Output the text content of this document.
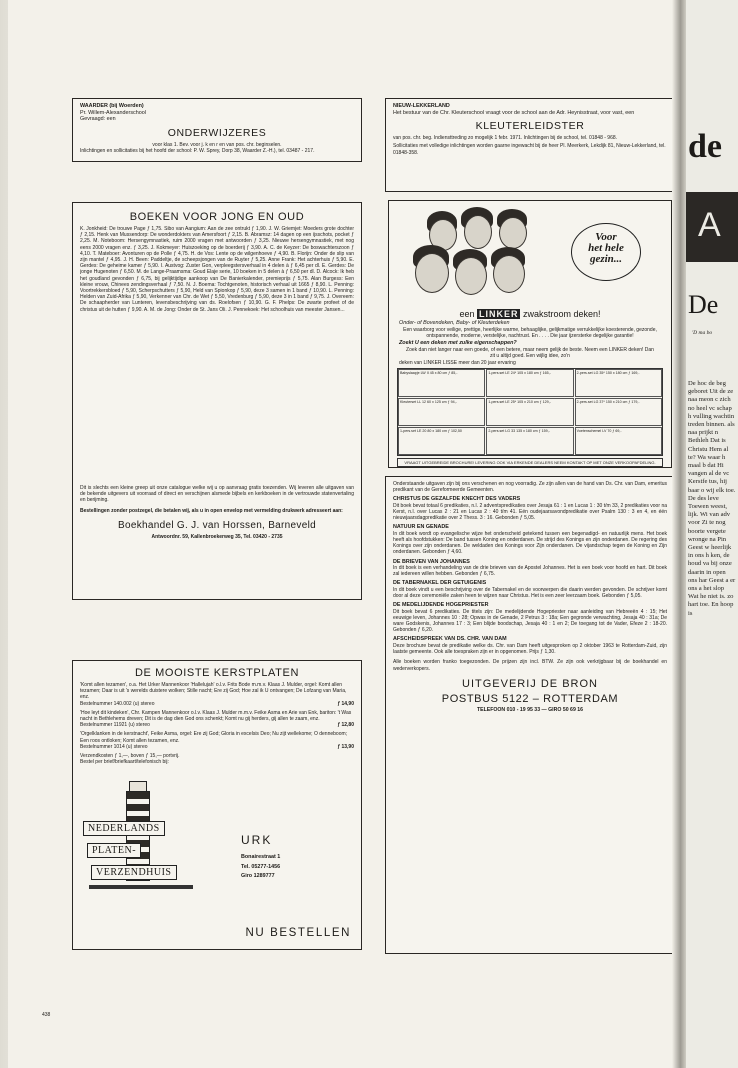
WAARDER (bij Woerden)
Pr. Willem-Alexanderschool
Gevraagd: een
ONDERWIJZERES
voor klas 1. Bev. voor j. k en r en van pos. chr. beginselen.
Inlichtingen en sollicitaties bij het hoofd der school: P. W. Sprey, Dorp 38, Waarder Z.-H.), tel. 03487 - 217.
BOEKEN VOOR JONG EN OUD
K. Jonkheid: De trouwe Page ƒ 1,75. Sibo van Aangium: Aan de zee ontrukt ƒ 1,90. J. W. Griemjet: Moeders grote dochter ƒ 2,15. Henk van Mussendorp: De wonderdokters van Amersfoort ƒ 2,15. B. Abramsz: 14 dagen op een ijsschots, pocket ƒ 2,25. M. Noteboom: Hersengymnastiek, ruim 2000 vragen met antwoorden ƒ 3,25. Nieuwe hersengymnastiek, met nog eens 2000 vragen enz. ƒ 3,25. J. Kokmeyer: Huiszoeking op de boerderij ƒ 3,90. A. C. de Keyzer: De boswachterszoon ƒ 4,10. T. Mateboer: Avonturen op de Polle ƒ 4,75. H. de Vos: Lente op de wilgenhoeve ƒ 4,90. B. Florijn: Onder de slip van zijn mantel ƒ 4,95. J. H. Been: Paddeltje, de scheepsjongen van de Ruyter ƒ 5,25. Anne Frank: Het achterhuis ƒ 5,90. E. Gerdes: De geheime kamer ƒ 5,90. I. Austvog: Zuster Gon, verpleegstersverhaal in 4 delen à ƒ 6,45 per dl. E. Gerdes: De jonge Hugenoten ƒ 6,50. M. de Lange-Praamsma: Goud Elaje serie, 10 boeken in 5 delen à ƒ 6,50 per dl. D. Alcock: Ik heb het goudland gevonden ƒ 6,75, bij gelijktijdige aankoop van De Banierkalender, premieprijs ƒ 5,75. Alan Burgess: Een kleine vrouw, Chinees zendingsverhaal ƒ 7,50. N. J. Boema: Tochtgenoten, historisch verhaal uit 1665 ƒ 8,90. L. Penning: Voortrekkersbloed ƒ 5,90, Scherpschutters ƒ 5,90, Held van Spionkop ƒ 5,90, deze 3 samen in 1 band ƒ 10,90. L. Penning: Helden van Zuid-Afrika ƒ 5,90, Verkenner van Chr. de Wet ƒ 5,50, Vredenburg ƒ 5,90, deze 3 in 1 band ƒ 9,75. J. Overeem: De schaapherder van Lunteren, levensbeschrijving van ds. Roelofsen ƒ 10,90. G. F. Phelps: De zwarte profeet of de christus uit de hutten ƒ 9,90. A. M. de Jong: Onder de St. Jans Oli. J. Pennekoek: Het schoolhuis van meester Jansen...
Dit is slechts een kleine greep uit onze catalogue welke wij u op aanvraag gratis toezenden. Wij leveren alle uitgaven van de bekende uitgevers uit voorraad of direct en verschijnen alsmede bijbels en kerkboeken in de vertrouwde statenvertaling en berijming.
Bestellingen zonder postzegel, die betalen wij, als u in open envelop met vermelding drukwerk adresseert aan:
Boekhandel G. J. van Horssen, Barneveld
Antwoordnr. 59, Kallenbroekerweg 35, Tel. 03420 - 2735
DE MOOISTE KERSTPLATEN
'Komt allen tezamen', o.a. Het Urker Mannenkoor 'Hallelujah' o.l.v. Frits Bode m.m.v. Klaas J. Mulder, orgel: Komt allen tezamen; Daar is uit 's werelds duistere wolken; Stille nacht; Ere zij God; Hoe zal ik U ontvangen; De Lofzang van Maria, enz.
Bestelnummer 140.002 (u) stereo	ƒ 14,90
'Hoe leyt dit kindeken', Chr. Kampen Mannenkoor o.l.v. Klaas J. Mulder m.m.v. Feike Asma en Arie van Enk, bariton: 't Was nacht in Bethlehems dreven; Dit is de dag dien God ons schenkt; Komt nu gij herders, gij allen te zaam, enz.
Bestelnummer 11921 (u) stereo	ƒ 12,80
'Orgelklanken in de kerstnacht', Feike Asma, orgel: Ere zij God; Gloria in excelsis Deo; Nu zijt wellekome; O denneboom; Een roos ontloken; Komt allen tezamen, enz.
Bestelnummer 1014 (u) stereo	ƒ 13,90
Verzendkosten ƒ 1,—, boven ƒ 15,— portvrij.
Bestel per brief/briefkaart/telefonisch bij:
NEDERLANDS
PLATEN-
VERZENDHUIS
URK
Bonairestraat 1
Tel. 05277-1456
Giro 1289777
NU BESTELLEN
NIEUW-LEKKERLAND
Het bestuur van de Chr. Kleuterschool vraagt voor de school aan de Adr. Heynisstraat, voor vast, een
KLEUTERLEIDSTER
van pos. chr. beg. Indiensttreding zo mogelijk 1 febr. 1971. Inlichtingen bij de school, tel. 01848 - 968.
Sollicitaties met volledige inlichtingen worden gaarne ingewacht bij de heer Pl. Meerkerk, Lekdijk 81, Nieuw-Lekkerland, tel. 01848-358.
Voor
het hele
gezin...
een LINKER zwakstroom deken!
Onder- of Bovendeken, Baby- of Kleuterdeken
Een waarborg voor veilige, prettige, heerlijke warme, behaaglijke, gelijkmatige verrukkelijke koesterende, gezonde, ontspannende, moderne, verstelijke, nachtrust. En . . . . Die jaar ijzersterke degelijke garantie!
Zoekt U een deken met zulke eigenschappen?
Zoek dan niet langer naar een goede, of een betere, maar neem gelijk de beste. Neem een LINKER deken! Dan zit u altijd goed. Een wijlig idee, zo'n
deken van LINKER LISSE meer dan 20 jaar ervaring
Babyslaapje LW II 45 x 80 cm ƒ 85,-	1-pers.set LE 24* 105 x 180 cm ƒ 165,-	2-pers.set LG 35* 150 x 180 cm ƒ 169,-
Kleuterset LL 12 60 x 125 cm ƒ 94,-	1-pers.set LE 25* 105 x 210 cm ƒ 129,-	2-pers.set LG 37* 150 x 210 cm ƒ 179,-
1-pers.set LE 20 80 x 180 cm ƒ 102,50	2-pers.set LG 33 135 x 180 cm ƒ 159,-	Voetenschemel LV 70 ƒ 69,-
VRAAGT UITGEBREIDE BROCHURE! LEVERING OOK VIA ERKENDE DEALERS NEEM KONTAKT OP MET ONZE VERKOOPAFDELING.
Onderstaande uitgaven zijn bij ons verschenen en nog voorradig. Ze zijn allen van de hand van Ds. Chr. van Dam, emeritus predikant van de Gereformeerde Gemeenten.
CHRISTUS DE GEZALFDE KNECHT DES VADERS
Dit boek bevat totaal 6 predikaties, n.l. 2 adventspredikaties over Jesaja 61 : 1 en Lucas 1 : 30 t/m 33, 2 predikaties voor na Kerst, n.l. over Lucas 2 : 21 en Lucas 2 : 40 t/m 41. Eén oudejaarsavondpredikatie over Psalm 130 : 3 en 4, en één nieuwjaarsdagpredikatie over 2 Thess. 3 : 16. Gebonden ƒ 5,05.
NATUUR EN GENADE
In dit boek wordt op evangelische wijze het onderscheid getekend tussen een begenadigd- en natuurlijk mens. Het boek heeft als hoofdstukken: De band tussen Koning en onderdanen. De strijd des Konings en zijn onderdanen. De regering des Konings over zijn onderdanen. De weldaden des Konings voor Zijn onderdanen. De vijandschap tegen de Koning en Zijn onderdanen. Gebonden ƒ 4,60.
DE BRIEVEN VAN JOHANNES
In dit boek is een verhandeling van de drie brieven van de Apostel Johannes. Het is een boek voor hoofd en hart. Dit boek zal iedereen willen hebben. Gebonden ƒ 6,75.
DE TABERNAKEL DER GETUIGENIS
In dit boek vindt u een beschrijving over de Tabernakel en de voorwerpen die daarin werden gevonden. De schrijver komt door al deze ceremoniële zaken heen te wijzen naar Christus. Het is een zeer leerzaam boek. Gebonden ƒ 5,05.
DE MEDELIJDENDE HOGEPRIESTER
Dit boek bevat 6 predikaties. De titels zijn: De medelijdende Hogepriester naar aanleiding van Hebreeën 4 : 15; Het eeuwige leven, Johannes 10 : 28; Opwas in de Genade, 2 Petrus 3 : 18a; Een gegronde verwachting, Jesaja 40 : 31a; De ware Godskenis, Johannes 17 : 3; Een blijde boodschap, Jesaja 40 : 1 en 2; De toegang tot de Vader, Efeze 2 : 18-20. Gebonden ƒ 6,20.
AFSCHEIDSPREEK VAN DS. CHR. VAN DAM
Deze brochure bevat de predikatie welke ds. Chr. van Dam heeft uitgesproken op 2 oktober 1963 te Rotterdam-Zuid, zijn laatste gemeente. Ook alle toespraken zijn er in opgenomen. Prijs ƒ 1,30.
Alle boeken worden franko toegezonden. De prijzen zijn incl. BTW. Ze zijn ook verkrijgbaar bij de boekhandel en wederverkopers.
UITGEVERIJ DE BRON
POSTBUS 5122 – ROTTERDAM
TELEFOON 010 - 19 95 33 — GIRO 50 69 16
438
de
A
De
'D ma bo
De hoc de beg geboret Uit de ze naa meon c zich no heel vc schap h vulling wachtin treden binnen. als naa prijkt n Bethleh Dat is Christu Hem al te? Wa waar h maal b dat Hi vangen al de vc Kerstfe tus, hij baar o wij elk toe. De des leve Toewen weest, lijk. Wi van adv voor Zi te nog boorte vergete wronge na Pin Geest w heerlijk in ons h ken, de houd va bij onze daarin in open ons har Geest a er ons a het slop Wat he niet is. zo hart toe. En hoop is
